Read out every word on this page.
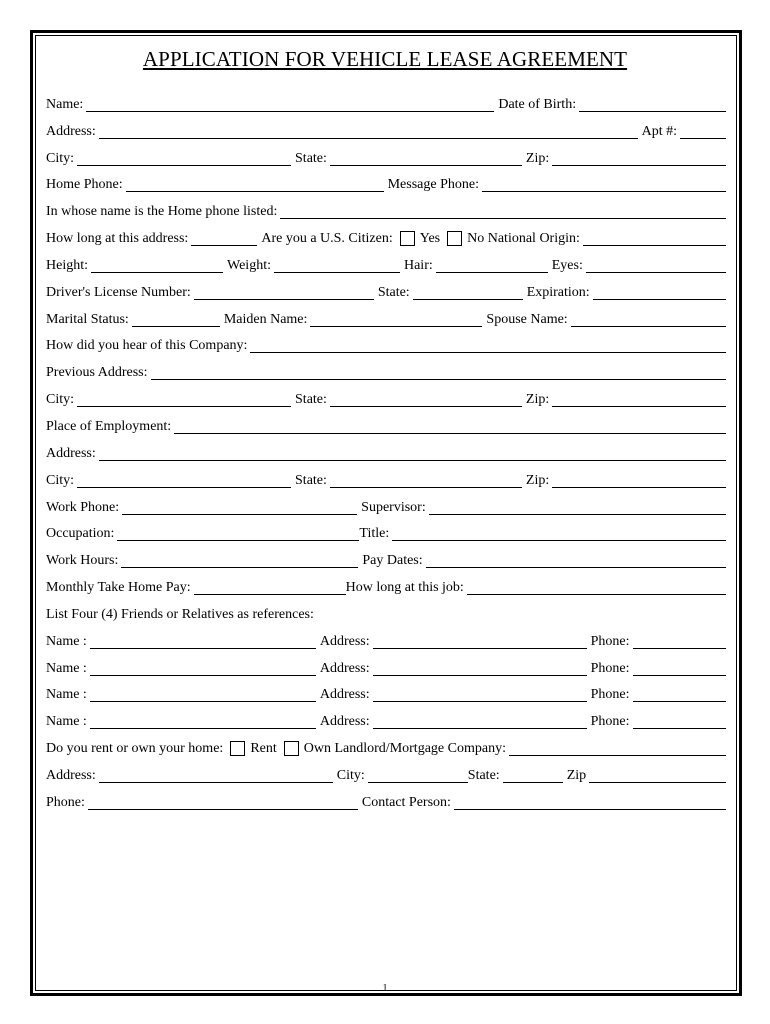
APPLICATION FOR VEHICLE LEASE AGREEMENT
Name:	Date of Birth:
Address:	Apt #:
City:	State:	Zip:
Home Phone:	Message Phone:
In whose name is the Home phone listed:
How long at this address:	Are you a U.S. Citizen: Yes No National Origin:
Height:	Weight:	Hair:	Eyes:
Driver's License Number:	State:	Expiration:
Marital Status:	Maiden Name:	Spouse Name:
How did you hear of this Company:
Previous Address:
City:	State:	Zip:
Place of Employment:
Address:
City:	State:	Zip:
Work Phone:	Supervisor:
Occupation:	Title:
Work Hours:	Pay Dates:
Monthly Take Home Pay:	How long at this job:
List Four (4) Friends or Relatives as references:
Name :	Address:	Phone:
Name :	Address:	Phone:
Name :	Address:	Phone:
Name :	Address:	Phone:
Do you rent or own your home: Rent Own Landlord/Mortgage Company:
Address:	City:	State:	Zip
Phone:	Contact Person:
1
